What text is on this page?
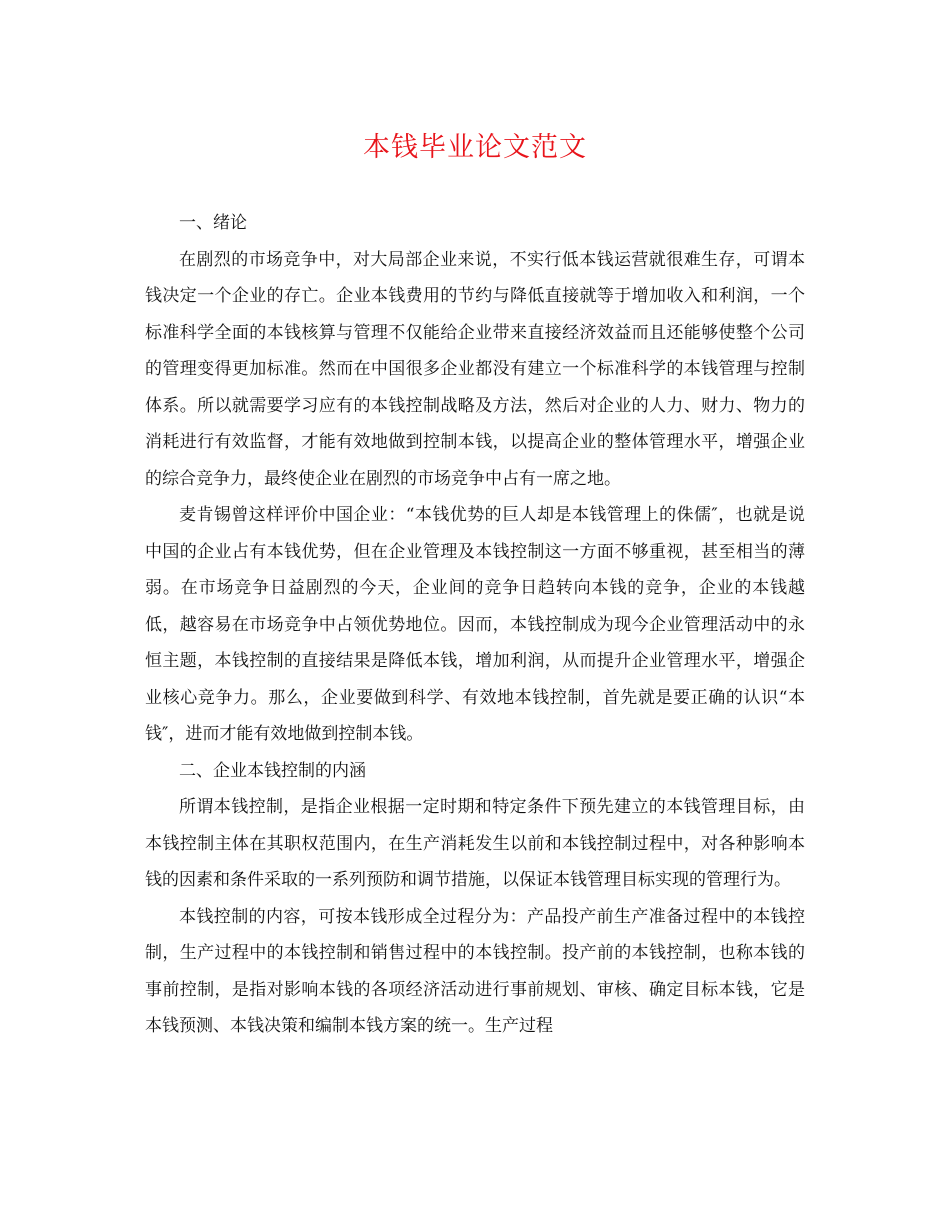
本钱毕业论文范文

一、绪论

在剧烈的市场竞争中，对大局部企业来说，不实行低本钱运营就很难生存，可谓本钱决定一个企业的存亡。企业本钱费用的节约与降低直接就等于增加收入和利润，一个标准科学全面的本钱核算与管理不仅能给企业带来直接经济效益而且还能够使整个公司的管理变得更加标准。然而在中国很多企业都没有建立一个标准科学的本钱管理与控制体系。所以就需要学习应有的本钱控制战略及方法，然后对企业的人力、财力、物力的消耗进行有效监督，才能有效地做到控制本钱，以提高企业的整体管理水平，增强企业的综合竞争力，最终使企业在剧烈的市场竞争中占有一席之地。

麦肯锡曾这样评价中国企业：“本钱优势的巨人却是本钱管理上的侏儒″，也就是说中国的企业占有本钱优势，但在企业管理及本钱控制这一方面不够重视，甚至相当的薄弱。在市场竞争日益剧烈的今天，企业间的竞争日趋转向本钱的竞争，企业的本钱越低，越容易在市场竞争中占领优势地位。因而，本钱控制成为现今企业管理活动中的永恒主题，本钱控制的直接结果是降低本钱，增加利润，从而提升企业管理水平，增强企业核心竞争力。那么，企业要做到科学、有效地本钱控制，首先就是要正确的认识“本钱″，进而才能有效地做到控制本钱。

二、企业本钱控制的内涵

所谓本钱控制，是指企业根据一定时期和特定条件下预先建立的本钱管理目标，由本钱控制主体在其职权范围内，在生产消耗发生以前和本钱控制过程中，对各种影响本钱的因素和条件采取的一系列预防和调节措施，以保证本钱管理目标实现的管理行为。

本钱控制的内容，可按本钱形成全过程分为：产品投产前生产准备过程中的本钱控制，生产过程中的本钱控制和销售过程中的本钱控制。投产前的本钱控制，也称本钱的事前控制，是指对影响本钱的各项经济活动进行事前规划、审核、确定目标本钱，它是本钱预测、本钱决策和编制本钱方案的统一。生产过程
